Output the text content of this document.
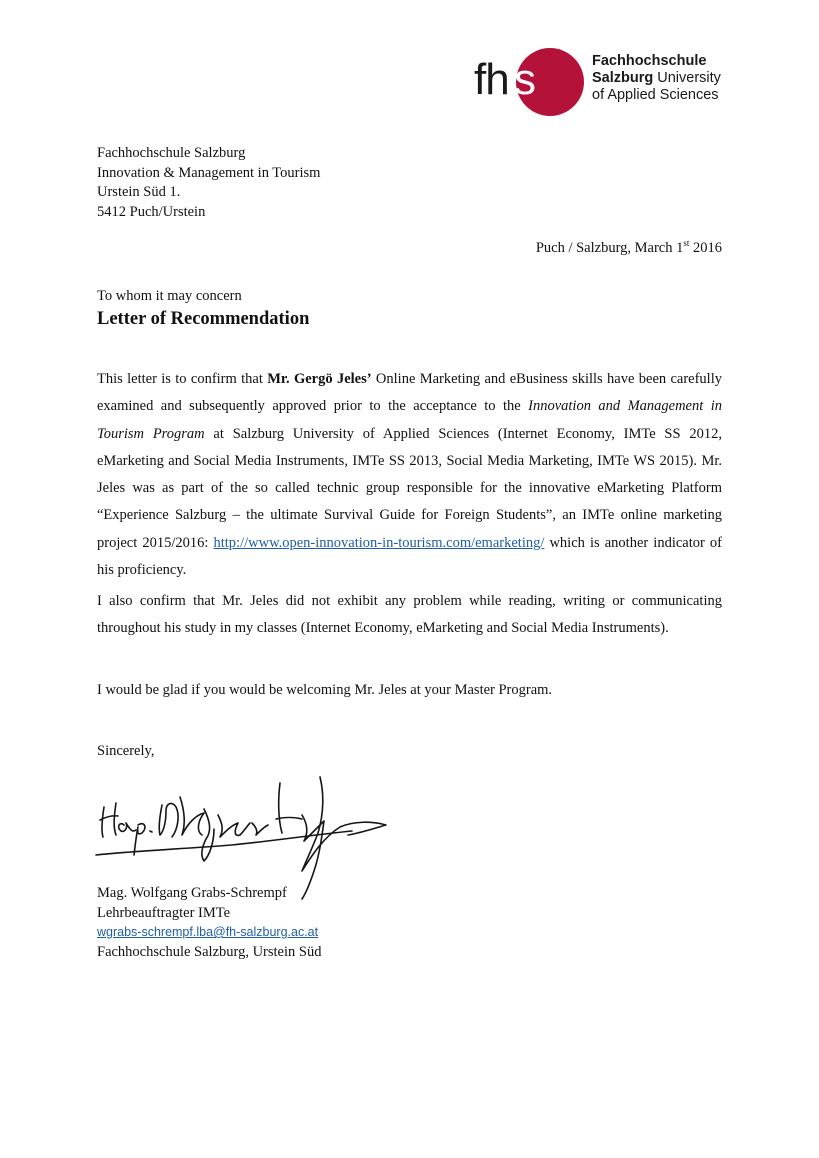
fh s	Fachhochschule
Salzburg University
of Applied Sciences
Fachhochschule Salzburg
Innovation & Management in Tourism
Urstein Süd 1.
5412 Puch/Urstein
Puch / Salzburg, March 1st 2016
To whom it may concern
Letter of Recommendation
This letter is to confirm that Mr. Gergö Jeles’ Online Marketing and eBusiness skills have been carefully examined and subsequently approved prior to the acceptance to the Innovation and Management in Tourism Program at Salzburg University of Applied Sciences (Internet Economy, IMTe SS 2012, eMarketing and Social Media Instruments, IMTe SS 2013, Social Media Marketing, IMTe WS 2015). Mr. Jeles was as part of the so called technic group responsible for the innovative eMarketing Platform “Experience Salzburg – the ultimate Survival Guide for Foreign Students”, an IMTe online marketing project 2015/2016: http://www.open-innovation-in-tourism.com/emarketing/ which is another indicator of his proficiency.
I also confirm that Mr. Jeles did not exhibit any problem while reading, writing or communicating throughout his study in my classes (Internet Economy, eMarketing and Social Media Instruments).
I would be glad if you would be welcoming Mr. Jeles at your Master Program.
Sincerely,
Mag. Wolfgang Grabs-Schrempf
Lehrbeauftragter IMTe
wgrabs-schrempf.lba@fh-salzburg.ac.at
Fachhochschule Salzburg, Urstein Süd
